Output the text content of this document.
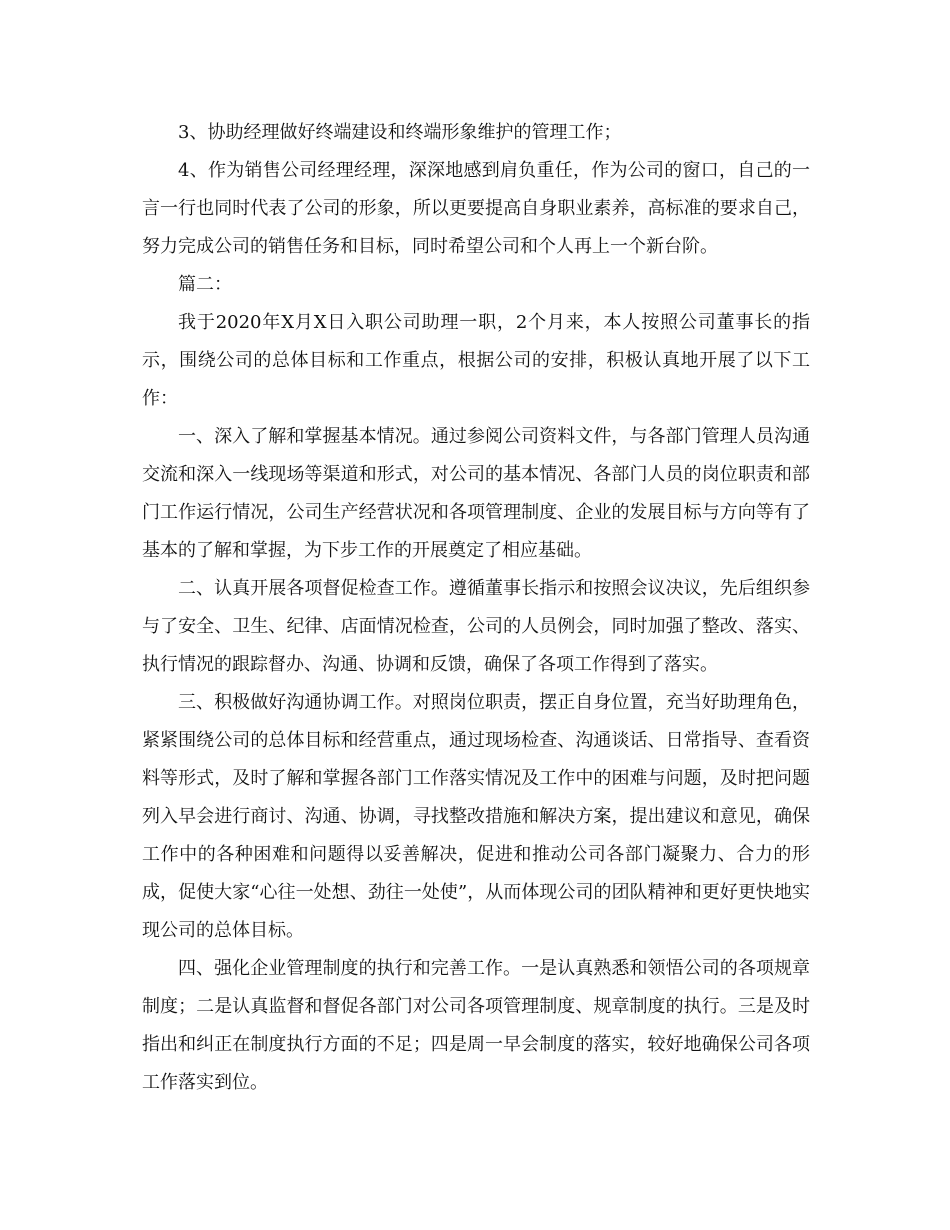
3、协助经理做好终端建设和终端形象维护的管理工作；

4、作为销售公司经理经理，深深地感到肩负重任，作为公司的窗口，自己的一言一行也同时代表了公司的形象，所以更要提高自身职业素养，高标准的要求自己，努力完成公司的销售任务和目标，同时希望公司和个人再上一个新台阶。

篇二：

我于2020年X月X日入职公司助理一职，2个月来，本人按照公司董事长的指示，围绕公司的总体目标和工作重点，根据公司的安排，积极认真地开展了以下工作：

一、深入了解和掌握基本情况。通过参阅公司资料文件，与各部门管理人员沟通交流和深入一线现场等渠道和形式，对公司的基本情况、各部门人员的岗位职责和部门工作运行情况，公司生产经营状况和各项管理制度、企业的发展目标与方向等有了基本的了解和掌握，为下步工作的开展奠定了相应基础。

二、认真开展各项督促检查工作。遵循董事长指示和按照会议决议，先后组织参与了安全、卫生、纪律、店面情况检查，公司的人员例会，同时加强了整改、落实、执行情况的跟踪督办、沟通、协调和反馈，确保了各项工作得到了落实。

三、积极做好沟通协调工作。对照岗位职责，摆正自身位置，充当好助理角色，紧紧围绕公司的总体目标和经营重点，通过现场检查、沟通谈话、日常指导、查看资料等形式，及时了解和掌握各部门工作落实情况及工作中的困难与问题，及时把问题列入早会进行商讨、沟通、协调，寻找整改措施和解决方案，提出建议和意见，确保工作中的各种困难和问题得以妥善解决，促进和推动公司各部门凝聚力、合力的形成，促使大家“心往一处想、劲往一处使”，从而体现公司的团队精神和更好更快地实现公司的总体目标。

四、强化企业管理制度的执行和完善工作。一是认真熟悉和领悟公司的各项规章制度；二是认真监督和督促各部门对公司各项管理制度、规章制度的执行。三是及时指出和纠正在制度执行方面的不足；四是周一早会制度的落实，较好地确保公司各项工作落实到位。
